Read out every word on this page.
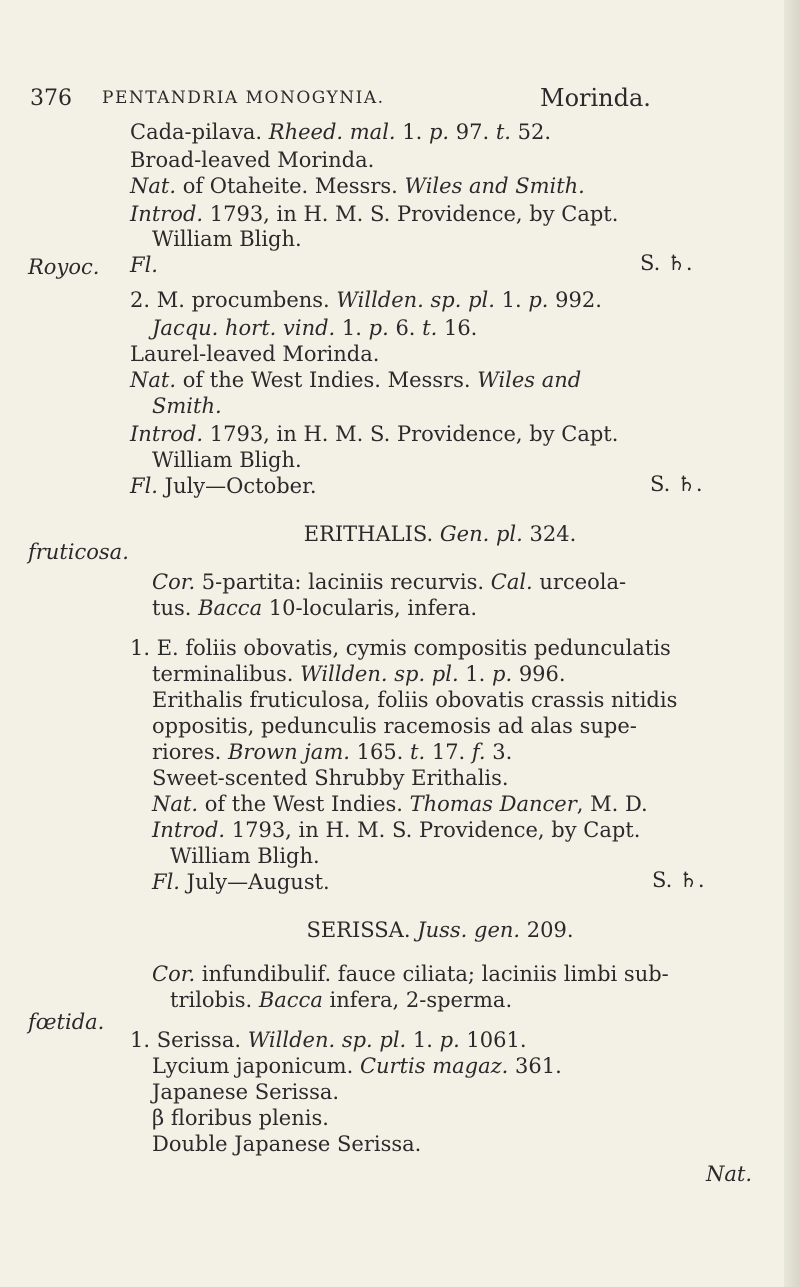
376 PENTANDRIA MONOGYNIA.	Morinda.
Royoc.
fruticosa.
fœtida.
Cada-pilava. Rheed. mal. 1. p. 97. t. 52.
Broad-leaved Morinda.
Nat. of Otaheite. Messrs. Wiles and Smith.
Introd. 1793, in H. M. S. Providence, by Capt.
William Bligh.
Fl.	S. ♄.
2. M. procumbens. Willden. sp. pl. 1. p. 992.
Jacqu. hort. vind. 1. p. 6. t. 16.
Laurel-leaved Morinda.
Nat. of the West Indies. Messrs. Wiles and
Smith.
Introd. 1793, in H. M. S. Providence, by Capt.
William Bligh.
Fl. July—October.	S. ♄.
ERITHALIS. Gen. pl. 324.
Cor. 5-partita: laciniis recurvis. Cal. urceola-
tus. Bacca 10-locularis, infera.
1. E. foliis obovatis, cymis compositis pedunculatis
terminalibus. Willden. sp. pl. 1. p. 996.
Erithalis fruticulosa, foliis obovatis crassis nitidis
oppositis, pedunculis racemosis ad alas supe-
riores. Brown jam. 165. t. 17. f. 3.
Sweet-scented Shrubby Erithalis.
Nat. of the West Indies. Thomas Dancer, M. D.
Introd. 1793, in H. M. S. Providence, by Capt.
William Bligh.
Fl. July—August.	S. ♄.
SERISSA. Juss. gen. 209.
Cor. infundibulif. fauce ciliata; laciniis limbi sub-
trilobis. Bacca infera, 2-sperma.
1. Serissa. Willden. sp. pl. 1. p. 1061.
Lycium japonicum. Curtis magaz. 361.
Japanese Serissa.
β floribus plenis.
Double Japanese Serissa.
Nat.
